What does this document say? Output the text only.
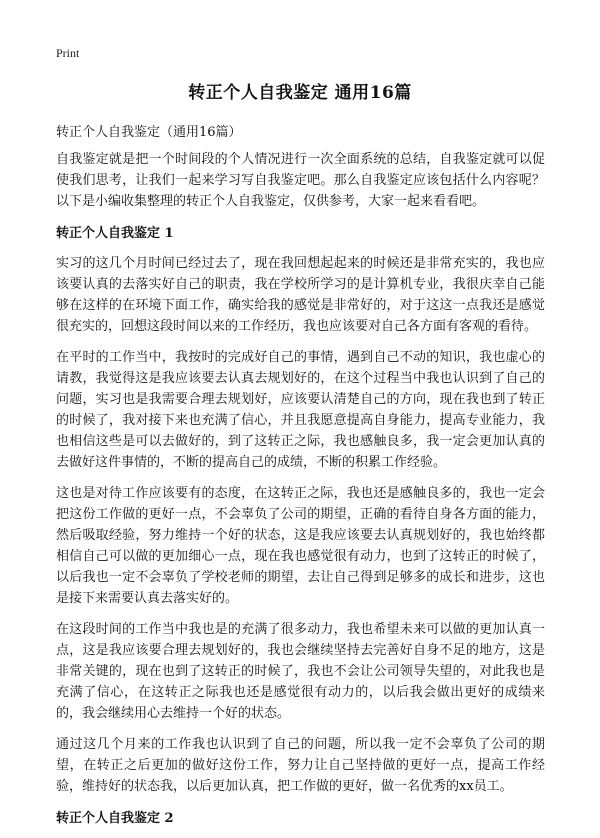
Print
转正个人自我鉴定 通用16篇
转正个人自我鉴定（通用16篇）

自我鉴定就是把一个时间段的个人情况进行一次全面系统的总结，自我鉴定就可以促使我们思考，让我们一起来学习写自我鉴定吧。那么自我鉴定应该包括什么内容呢？以下是小编收集整理的转正个人自我鉴定，仅供参考，大家一起来看看吧。

转正个人自我鉴定 1

实习的这几个月时间已经过去了，现在我回想起起来的时候还是非常充实的，我也应该要认真的去落实好自己的职责，我在学校所学习的是计算机专业，我很庆幸自己能够在这样的在环境下面工作，确实给我的感觉是非常好的，对于这这一点我还是感觉很充实的，回想这段时间以来的工作经历，我也应该要对自己各方面有客观的看待。

在平时的工作当中，我按时的完成好自己的事情，遇到自己不动的知识，我也虚心的请教，我觉得这是我应该要去认真去规划好的，在这个过程当中我也认识到了自己的问题，实习也是我需要合理去规划好，应该要认清楚自己的方向，现在我也到了转正的时候了，我对接下来也充满了信心，并且我愿意提高自身能力，提高专业能力，我也相信这些是可以去做好的，到了这转正之际，我也感触良多，我一定会更加认真的去做好这件事情的，不断的提高自己的成绩，不断的积累工作经验。

这也是对待工作应该要有的态度，在这转正之际，我也还是感触良多的，我也一定会把这份工作做的更好一点，不会辜负了公司的期望，正确的看待自身各方面的能力，然后吸取经验，努力维持一个好的状态，这是我应该要去认真规划好的，我也始终都相信自己可以做的更加细心一点，现在我也感觉很有动力，也到了这转正的时候了，以后我也一定不会辜负了学校老师的期望，去让自己得到足够多的成长和进步，这也是接下来需要认真去落实好的。

在这段时间的工作当中我也是的充满了很多动力，我也希望未来可以做的更加认真一点，这是我应该要合理去规划好的，我也会继续坚持去完善好自身不足的地方，这是非常关键的，现在也到了这转正的时候了，我也不会让公司领导失望的，对此我也是充满了信心，在这转正之际我也还是感觉很有动力的，以后我会做出更好的成绩来的，我会继续用心去维持一个好的状态。

通过这几个月来的工作我也认识到了自己的问题，所以我一定不会辜负了公司的期望，在转正之后更加的做好这份工作，努力让自己坚持做的更好一点，提高工作经验，维持好的状态我，以后更加认真，把工作做的更好，做一名优秀的xx员工。

转正个人自我鉴定 2
